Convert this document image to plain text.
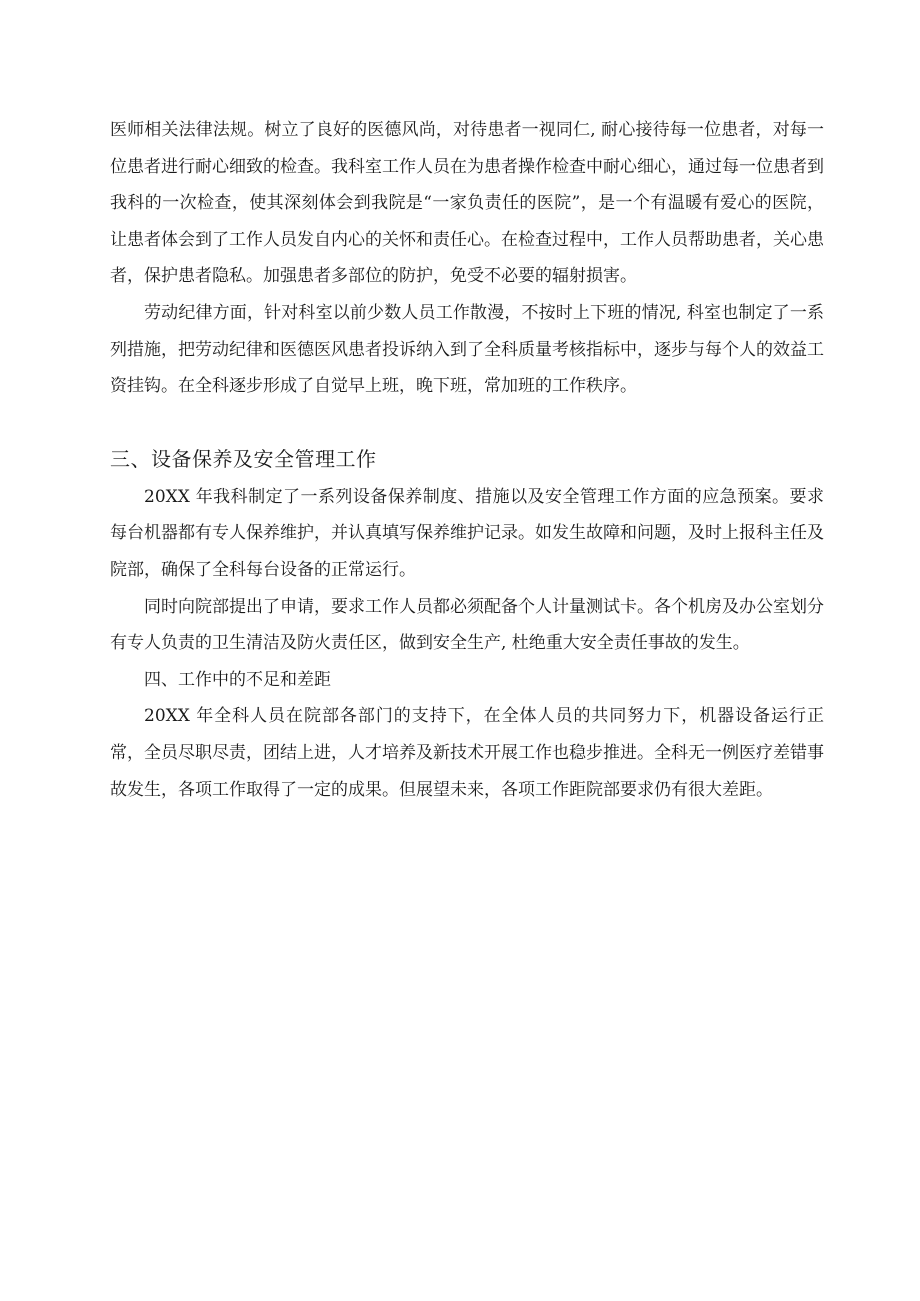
医师相关法律法规。树立了良好的医德风尚，对待患者一视同仁, 耐心接待每一位患者，对每一位患者进行耐心细致的检查。我科室工作人员在为患者操作检查中耐心细心，通过每一位患者到我科的一次检查，使其深刻体会到我院是“一家负责任的医院”，是一个有温暖有爱心的医院，让患者体会到了工作人员发自内心的关怀和责任心。在检查过程中，工作人员帮助患者，关心患者，保护患者隐私。加强患者多部位的防护，免受不必要的辐射损害。

劳动纪律方面，针对科室以前少数人员工作散漫，不按时上下班的情况, 科室也制定了一系列措施，把劳动纪律和医德医风患者投诉纳入到了全科质量考核指标中，逐步与每个人的效益工资挂钩。在全科逐步形成了自觉早上班，晚下班，常加班的工作秩序。

三、设备保养及安全管理工作

20XX 年我科制定了一系列设备保养制度、措施以及安全管理工作方面的应急预案。要求每台机器都有专人保养维护，并认真填写保养维护记录。如发生故障和问题，及时上报科主任及院部，确保了全科每台设备的正常运行。

同时向院部提出了申请，要求工作人员都必须配备个人计量测试卡。各个机房及办公室划分有专人负责的卫生清洁及防火责任区，做到安全生产, 杜绝重大安全责任事故的发生。

四、工作中的不足和差距

20XX 年全科人员在院部各部门的支持下，在全体人员的共同努力下，机器设备运行正常，全员尽职尽责，团结上进，人才培养及新技术开展工作也稳步推进。全科无一例医疗差错事故发生，各项工作取得了一定的成果。但展望未来，各项工作距院部要求仍有很大差距。
